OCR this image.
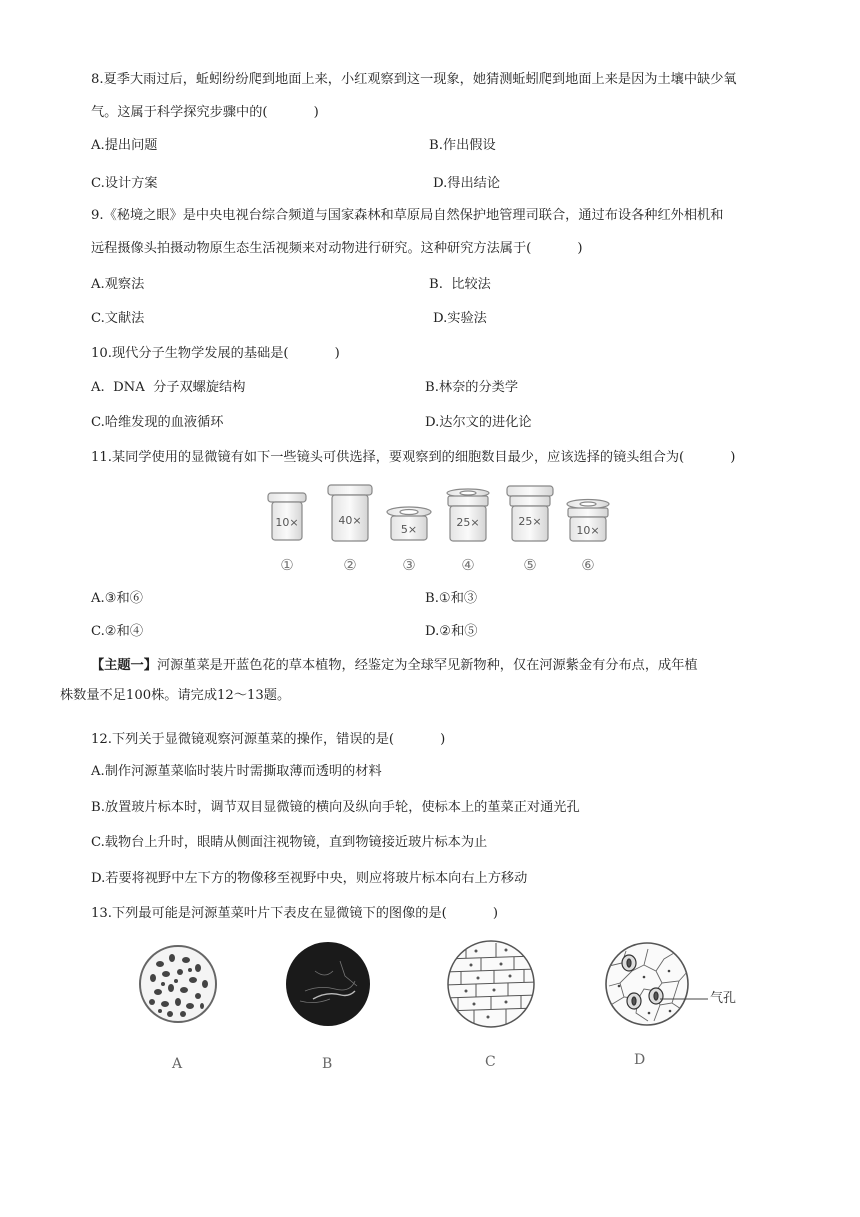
8.夏季大雨过后，蚯蚓纷纷爬到地面上来，小红观察到这一现象，她猜测蚯蚓爬到地面上来是因为土壤中缺少氧
气。这属于科学探究步骤中的(	)
A.提出问题	B.作出假设
C.设计方案	D.得出结论
9.《秘境之眼》是中央电视台综合频道与国家森林和草原局自然保护地管理司联合，通过布设各种红外相机和
远程摄像头拍摄动物原生态生活视频来对动物进行研究。这种研究方法属于(	)
A.观察法	B.  比较法
C.文献法	D.实验法
10.现代分子生物学发展的基础是(	)
A.  DNA  分子双螺旋结构	B.林奈的分类学
C.哈维发现的血液循环	D.达尔文的进化论
11.某同学使用的显微镜有如下一些镜头可供选择，要观察到的细胞数目最少，应该选择的镜头组合为(	)
10×	40×
5×
25×	25×
10×
①	②	③	④	⑤	⑥
A.③和⑥	B.①和③
C.②和④	D.②和⑤
【主题一】河源堇菜是开蓝色花的草本植物，经鉴定为全球罕见新物种，仅在河源紫金有分布点，成年植
株数量不足100株。请完成12～13题。
12.下列关于显微镜观察河源堇菜的操作，错误的是(	)
A.制作河源堇菜临时装片时需撕取薄而透明的材料
B.放置玻片标本时，调节双目显微镜的横向及纵向手轮，使标本上的堇菜正对通光孔
C.载物台上升时，眼睛从侧面注视物镜，直到物镜接近玻片标本为止
D.若要将视野中左下方的物像移至视野中央，则应将玻片标本向右上方移动
13.下列最可能是河源堇菜叶片下表皮在显微镜下的图像的是(	)
A	B	C
气孔
D
